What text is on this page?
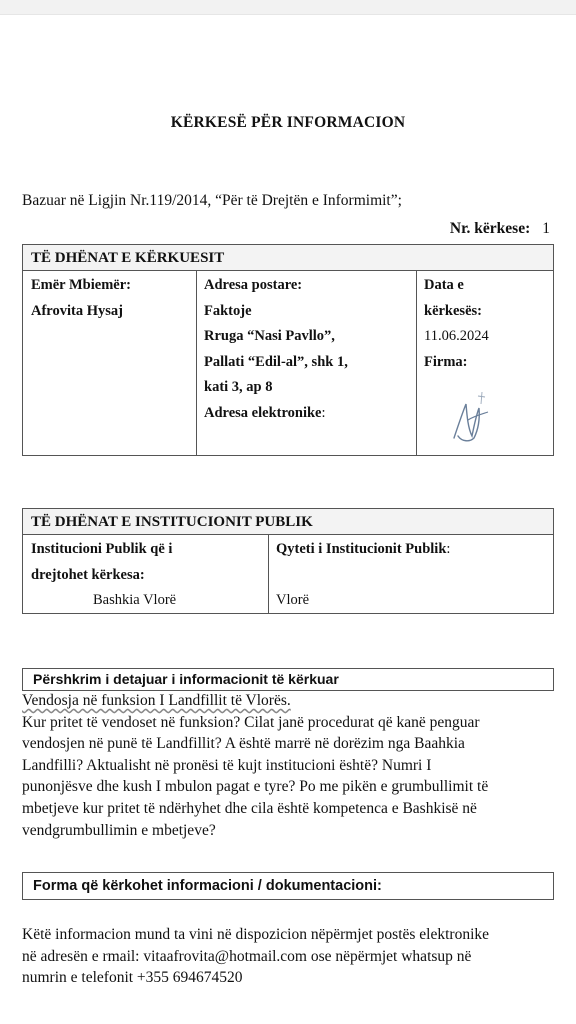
KËRKESË PËR INFORMACION
Bazuar në Ligjin Nr.119/2014, “Për të Drejtën e Informimit”;
Nr. kërkese: 1
TË DHËNAT E KËRKUESIT
Emër Mbiemër:
Afrovita Hysaj
Adresa postare:
Faktoje
Rruga “Nasi Pavllo”,
Pallati “Edil-al”, shk 1,
kati 3, ap 8
Adresa elektronike:
Data e
kërkesës:
11.06.2024
Firma:
TË DHËNAT E INSTITUCIONIT PUBLIK
Institucioni Publik që i
drejtohet kërkesa:
Bashkia Vlorë
Qyteti i Institucionit Publik:

Vlorë
Përshkrim i detajuar i informacionit të kërkuar
Vendosja në funksion I Landfillit të Vlorës.
Kur pritet të vendoset në funksion? Cilat janë procedurat që kanë penguar
vendosjen në punë të Landfillit? A është marrë në dorëzim nga Baahkia
Landfilli? Aktualisht në pronësi të kujt institucioni është? Numri I
punonjësve dhe kush I mbulon pagat e tyre? Po me pikën e grumbullimit të
mbetjeve kur pritet të ndërhyhet dhe cila është kompetenca e Bashkisë në
vendgrumbullimin e mbetjeve?
Forma që kërkohet informacioni / dokumentacioni:
Këtë informacion mund ta vini në dispozicion nëpërmjet postës elektronike
në adresën e rmail: vitaafrovita@hotmail.com ose nëpërmjet whatsup në
numrin e telefonit +355 694674520
